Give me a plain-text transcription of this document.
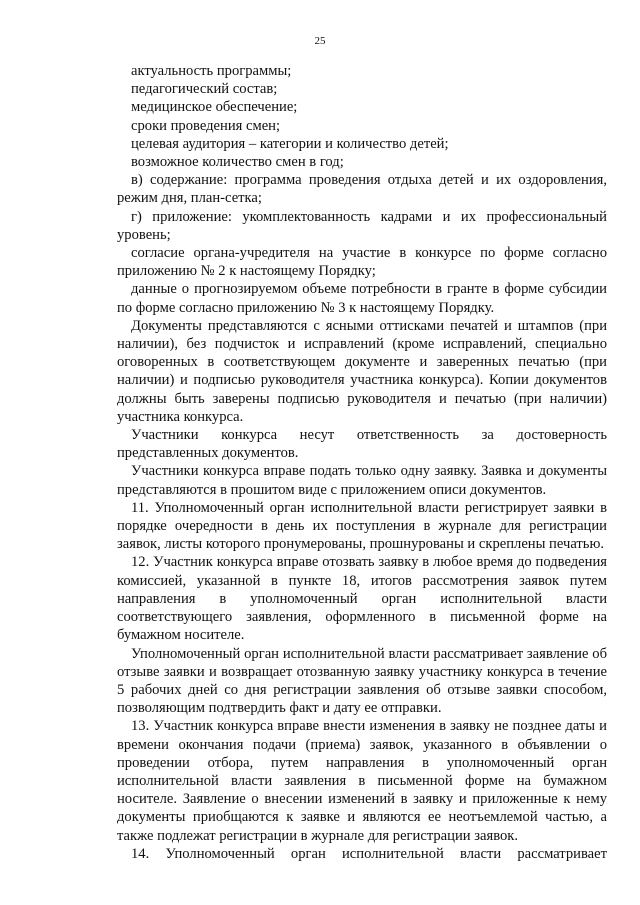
25

актуальность программы;

педагогический состав;

медицинское обеспечение;

сроки проведения смен;

целевая аудитория – категории и количество детей;

возможное количество смен в год;

в) содержание: программа проведения отдыха детей и их оздоровления, режим дня, план-сетка;

г) приложение: укомплектованность кадрами и их профессиональный уровень;

согласие органа-учредителя на участие в конкурсе по форме согласно приложению № 2 к настоящему Порядку;

данные о прогнозируемом объеме потребности в гранте в форме субсидии по форме согласно приложению № 3 к настоящему Порядку.

Документы представляются с ясными оттисками печатей и штампов (при наличии), без подчисток и исправлений (кроме исправлений, специально оговоренных в соответствующем документе и заверенных печатью (при наличии) и подписью руководителя участника конкурса). Копии документов должны быть заверены подписью руководителя и печатью (при наличии) участника конкурса.

Участники конкурса несут ответственность за достоверность представленных документов.

Участники конкурса вправе подать только одну заявку. Заявка и документы представляются в прошитом виде с приложением описи документов.

11. Уполномоченный орган исполнительной власти регистрирует заявки в порядке очередности в день их поступления в журнале для регистрации заявок, листы которого пронумерованы, прошнурованы и скреплены печатью.

12. Участник конкурса вправе отозвать заявку в любое время до подведения комиссией, указанной в пункте 18, итогов рассмотрения заявок путем направления в уполномоченный орган исполнительной власти соответствующего заявления, оформленного в письменной форме на бумажном носителе.

Уполномоченный орган исполнительной власти рассматривает заявление об отзыве заявки и возвращает отозванную заявку участнику конкурса в течение 5 рабочих дней со дня регистрации заявления об отзыве заявки способом, позволяющим подтвердить факт и дату ее отправки.

13. Участник конкурса вправе внести изменения в заявку не позднее даты и времени окончания подачи (приема) заявок, указанного в объявлении о проведении отбора, путем направления в уполномоченный орган исполнительной власти заявления в письменной форме на бумажном носителе. Заявление о внесении изменений в заявку и приложенные к нему документы приобщаются к заявке и являются ее неотъемлемой частью, а также подлежат регистрации в журнале для регистрации заявок.

14. Уполномоченный орган исполнительной власти рассматривает
